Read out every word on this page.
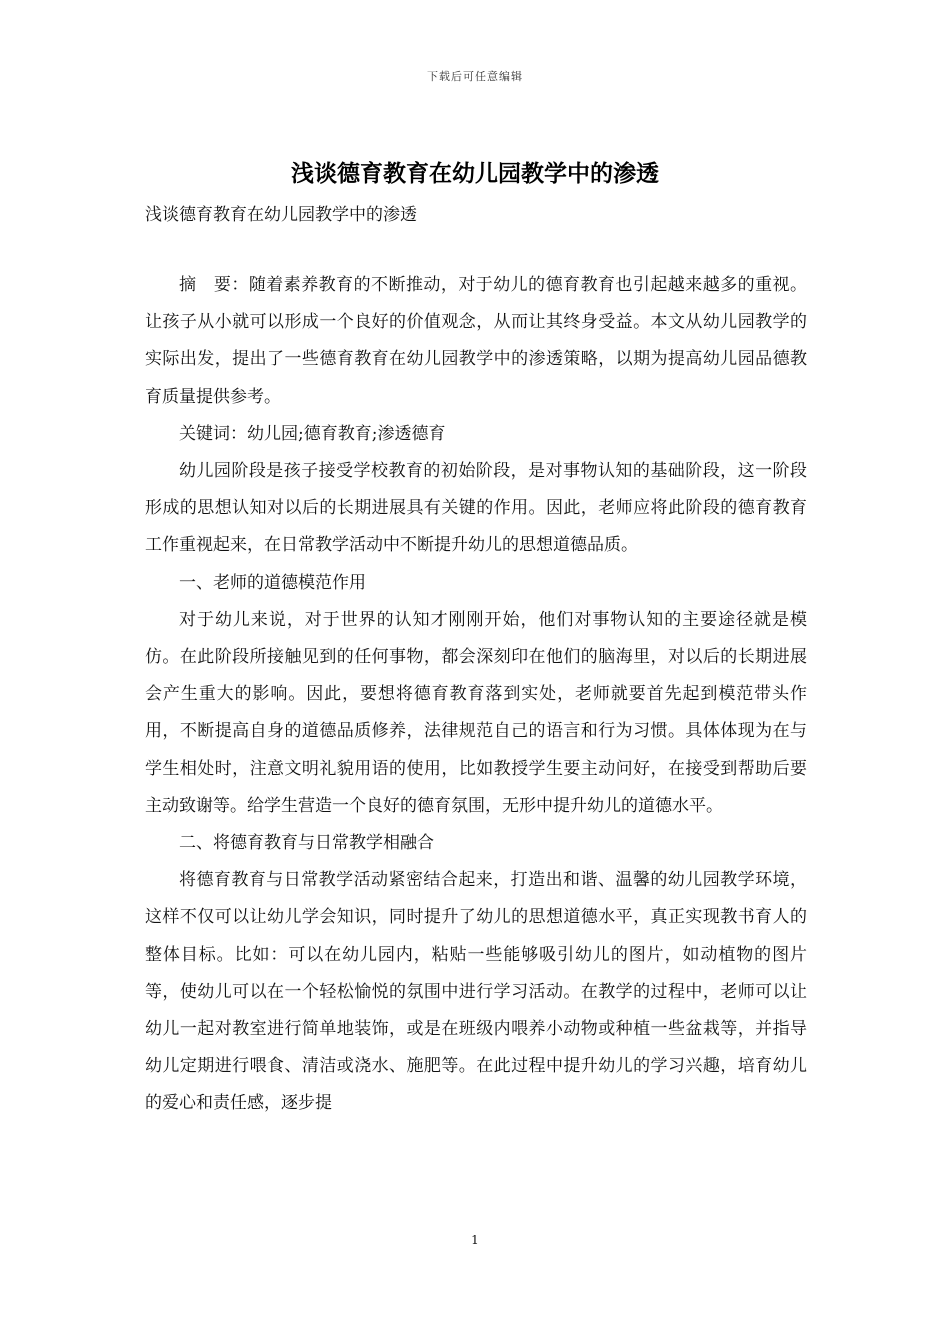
下载后可任意编辑
浅谈德育教育在幼儿园教学中的渗透

浅谈德育教育在幼儿园教学中的渗透

摘　要：随着素养教育的不断推动，对于幼儿的德育教育也引起越来越多的重视。让孩子从小就可以形成一个良好的价值观念，从而让其终身受益。本文从幼儿园教学的实际出发，提出了一些德育教育在幼儿园教学中的渗透策略，以期为提高幼儿园品德教育质量提供参考。

关键词：幼儿园;德育教育;渗透德育

幼儿园阶段是孩子接受学校教育的初始阶段，是对事物认知的基础阶段，这一阶段形成的思想认知对以后的长期进展具有关键的作用。因此，老师应将此阶段的德育教育工作重视起来，在日常教学活动中不断提升幼儿的思想道德品质。

一、老师的道德模范作用

对于幼儿来说，对于世界的认知才刚刚开始，他们对事物认知的主要途径就是模仿。在此阶段所接触见到的任何事物，都会深刻印在他们的脑海里，对以后的长期进展会产生重大的影响。因此，要想将德育教育落到实处，老师就要首先起到模范带头作用，不断提高自身的道德品质修养，法律规范自己的语言和行为习惯。具体体现为在与学生相处时，注意文明礼貌用语的使用，比如教授学生要主动问好，在接受到帮助后要主动致谢等。给学生营造一个良好的德育氛围，无形中提升幼儿的道德水平。

二、将德育教育与日常教学相融合

将德育教育与日常教学活动紧密结合起来，打造出和谐、温馨的幼儿园教学环境，这样不仅可以让幼儿学会知识，同时提升了幼儿的思想道德水平，真正实现教书育人的整体目标。比如：可以在幼儿园内，粘贴一些能够吸引幼儿的图片，如动植物的图片等，使幼儿可以在一个轻松愉悦的氛围中进行学习活动。在教学的过程中，老师可以让幼儿一起对教室进行简单地装饰，或是在班级内喂养小动物或种植一些盆栽等，并指导幼儿定期进行喂食、清洁或浇水、施肥等。在此过程中提升幼儿的学习兴趣，培育幼儿的爱心和责任感，逐步提

1
